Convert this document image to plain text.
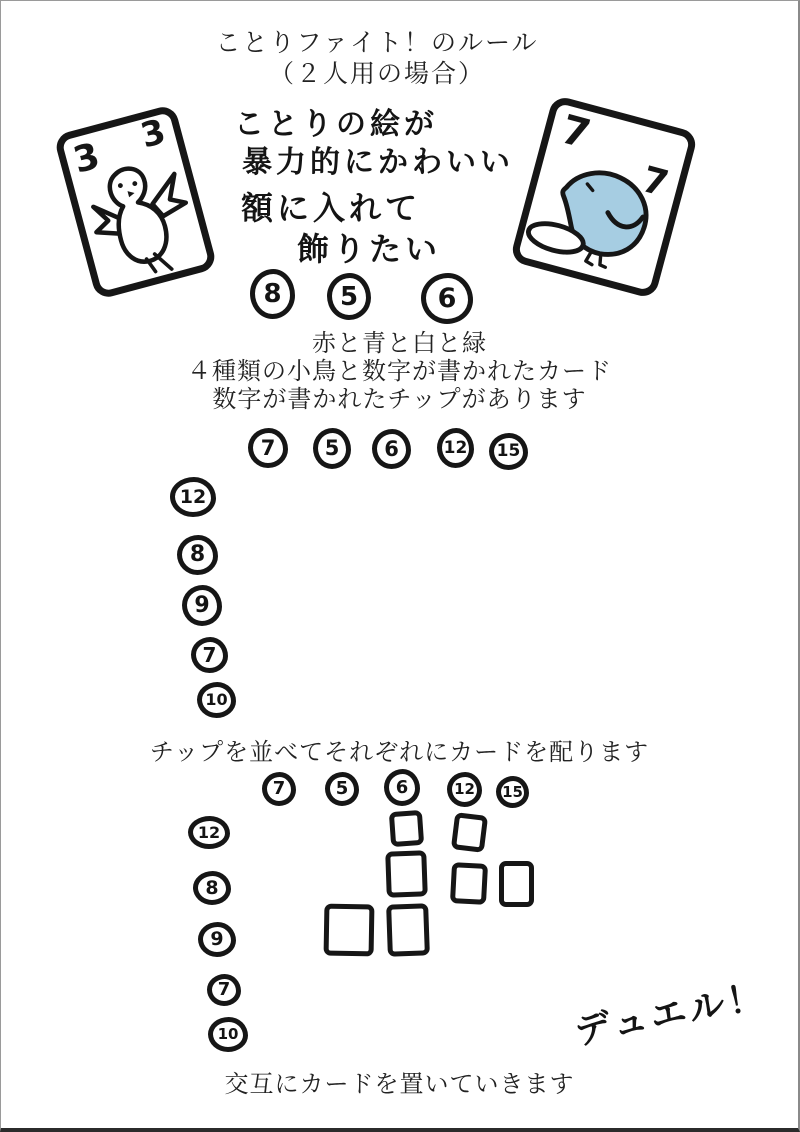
ことりファイト！のルール
（２人用の場合）
3
3	7
7
ことりの絵が
暴力的にかわいい
額に入れて
飾りたい
8	5	6
赤と青と白と緑
４種類の小鳥と数字が書かれたカード
数字が書かれたチップがあります
7	5	6	12	15
12
8
9
7
10
チップを並べてそれぞれにカードを配ります
7	5	6	12	15
12
8
9
7
10	デュエル！
交互にカードを置いていきます
